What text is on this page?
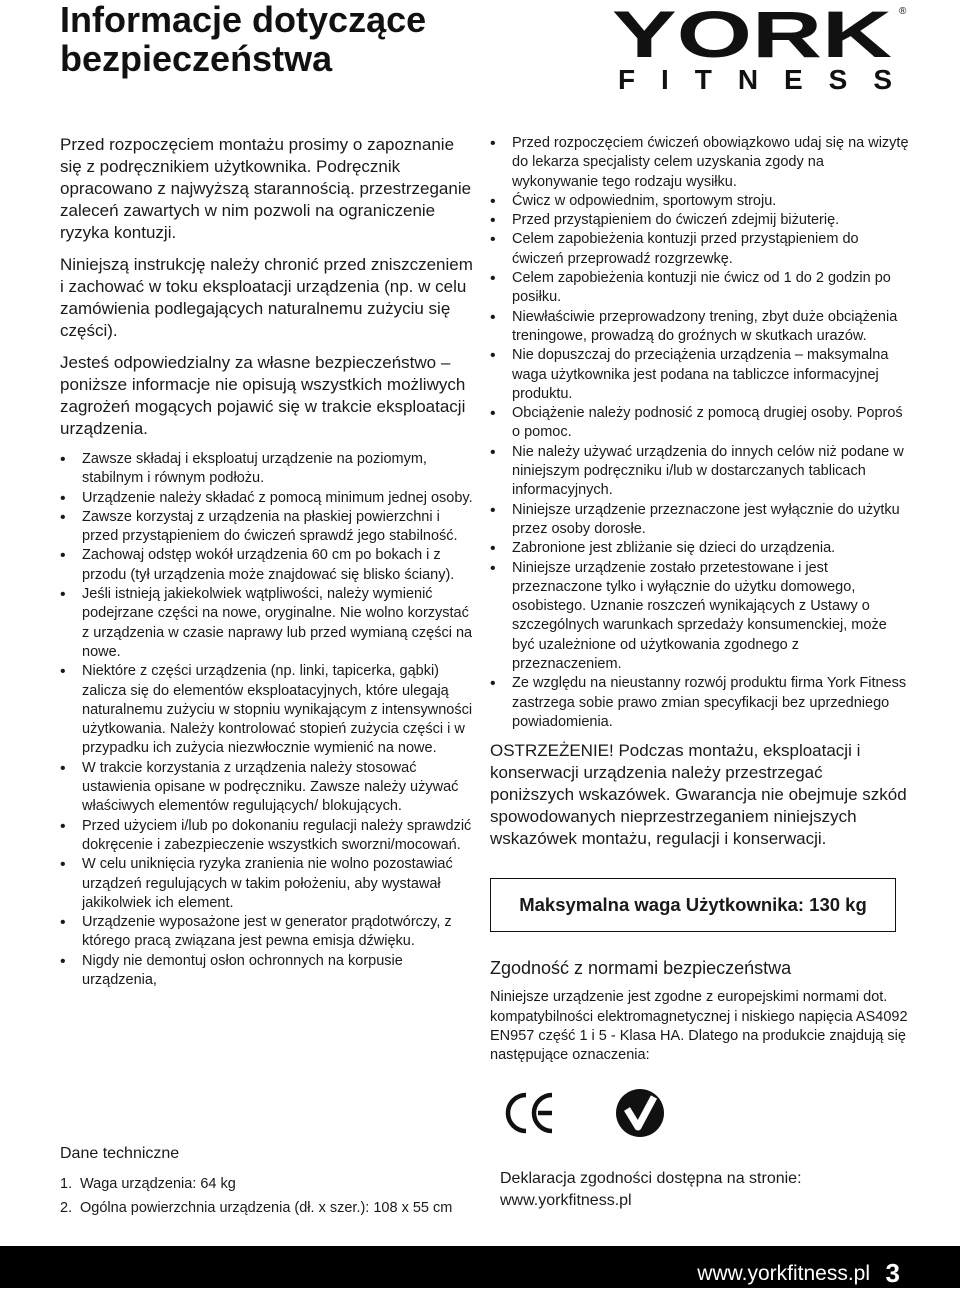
Informacje dotyczące bezpieczeństwa	YORK ®
FITNESS

Przed rozpoczęciem montażu prosimy o zapoznanie się z podręcznikiem użytkownika. Podręcznik opracowano z najwyższą starannością. przestrzeganie zaleceń zawartych w nim pozwoli na ograniczenie ryzyka kontuzji.

Niniejszą instrukcję należy chronić przed zniszczeniem i zachować w toku eksploatacji urządzenia (np. w celu zamówienia podlegających naturalnemu zużyciu się części).

Jesteś odpowiedzialny za własne bezpieczeństwo – poniższe informacje nie opisują wszystkich możliwych zagrożeń mogących pojawić się w trakcie eksploatacji urządzenia.

• Zawsze składaj i eksploatuj urządzenie na poziomym, stabilnym i równym podłożu.
• Urządzenie należy składać z pomocą minimum jednej osoby.
• Zawsze korzystaj z urządzenia na płaskiej powierzchni i przed przystąpieniem do ćwiczeń sprawdź jego stabilność.
• Zachowaj odstęp wokół urządzenia 60 cm po bokach i z przodu (tył urządzenia może znajdować się blisko ściany).
• Jeśli istnieją jakiekolwiek wątpliwości, należy wymienić podejrzane części na nowe, oryginalne. Nie wolno korzystać z urządzenia w czasie naprawy lub przed wymianą części na nowe.
• Niektóre z części urządzenia (np. linki, tapicerka, gąbki) zalicza się do elementów eksploatacyjnych, które ulegają naturalnemu zużyciu w stopniu wynikającym z intensywności użytkowania. Należy kontrolować stopień zużycia części i w przypadku ich zużycia niezwłocznie wymienić na nowe.
• W trakcie korzystania z urządzenia należy stosować ustawienia opisane w podręczniku. Zawsze należy używać właściwych elementów regulujących/ blokujących.
• Przed użyciem i/lub po dokonaniu regulacji należy sprawdzić dokręcenie i zabezpieczenie wszystkich sworzni/mocowań.
• W celu uniknięcia ryzyka zranienia nie wolno pozostawiać urządzeń regulujących w takim położeniu, aby wystawał jakikolwiek ich element.
• Urządzenie wyposażone jest w generator prądotwórczy, z którego pracą związana jest pewna emisja dźwięku.
• Nigdy nie demontuj osłon ochronnych na korpusie urządzenia,
• Przed rozpoczęciem ćwiczeń obowiązkowo udaj się na wizytę do lekarza specjalisty celem uzyskania zgody na wykonywanie tego rodzaju wysiłku.
• Ćwicz w odpowiednim, sportowym stroju.
• Przed przystąpieniem do ćwiczeń zdejmij biżuterię.
• Celem zapobieżenia kontuzji przed przystąpieniem do ćwiczeń przeprowadź rozgrzewkę.
• Celem zapobieżenia kontuzji nie ćwicz od 1 do 2 godzin po posiłku.
• Niewłaściwie przeprowadzony trening, zbyt duże obciążenia treningowe, prowadzą do groźnych w skutkach urazów.
• Nie dopuszczaj do przeciążenia urządzenia – maksymalna waga użytkownika jest podana na tabliczce informacyjnej produktu.
• Obciążenie należy podnosić z pomocą drugiej osoby. Poproś o pomoc.
• Nie należy używać urządzenia do innych celów niż podane w niniejszym podręczniku i/lub w dostarczanych tablicach informacyjnych.
• Niniejsze urządzenie przeznaczone jest wyłącznie do użytku przez osoby dorosłe.
• Zabronione jest zbliżanie się dzieci do urządzenia.
• Niniejsze urządzenie zostało przetestowane i jest przeznaczone tylko i wyłącznie do użytku domowego, osobistego. Uznanie roszczeń wynikających z Ustawy o szczególnych warunkach sprzedaży konsumenckiej, może być uzależnione od użytkowania zgodnego z przeznaczeniem.
• Ze względu na nieustanny rozwój produktu firma York Fitness zastrzega sobie prawo zmian specyfikacji bez uprzedniego powiadomienia.

OSTRZEŻENIE! Podczas montażu, eksploatacji i konserwacji urządzenia należy przestrzegać poniższych wskazówek. Gwarancja nie obejmuje szkód spowodowanych nieprzestrzeganiem niniejszych wskazówek montażu, regulacji i konserwacji.

Maksymalna waga Użytkownika: 130 kg
Zgodność z normami bezpieczeństwa
Niniejsze urządzenie jest zgodne z europejskimi normami dot. kompatybilności elektromagnetycznej i niskiego napięcia AS4092 EN957 część 1 i 5 - Klasa HA. Dlatego na produkcie znajdują się następujące oznaczenia:
Dane techniczne
1. Waga urządzenia: 64 kg
2. Ogólna powierzchnia urządzenia (dł. x szer.): 108 x 55 cm
Deklaracja zgodności dostępna na stronie:
www.yorkfitness.pl
www.yorkfitness.pl 3
